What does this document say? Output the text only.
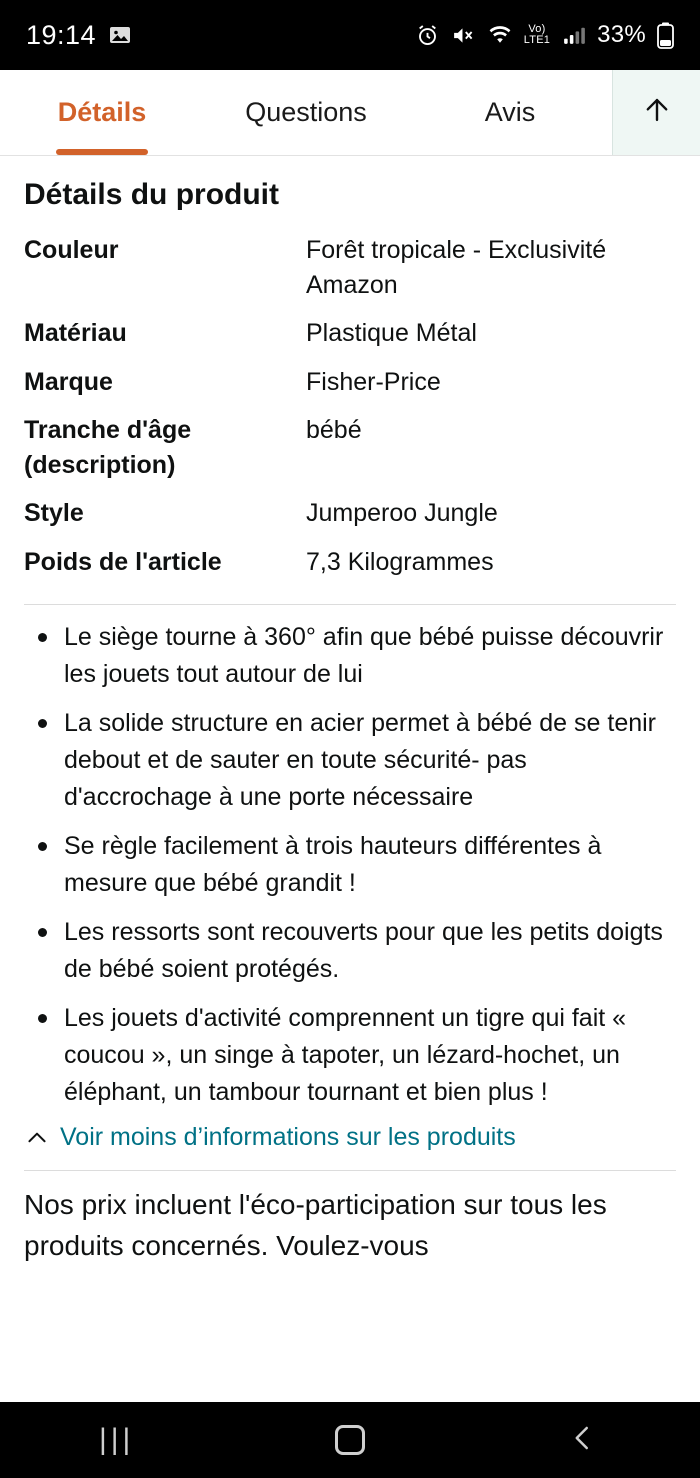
19:14	Vo)
LTE1 33%
Détails	Questions	Avis
Détails du produit
Couleur	Forêt tropicale - Exclusivité Amazon
Matériau	Plastique Métal
Marque	Fisher-Price
Tranche d'âge (description)	bébé
Style	Jumperoo Jungle
Poids de l'article	7,3 Kilogrammes
Le siège tourne à 360° afin que bébé puisse découvrir les jouets tout autour de lui
La solide structure en acier permet à bébé de se tenir debout et de sauter en toute sécurité- pas d'accrochage à une porte nécessaire
Se règle facilement à trois hauteurs différentes à mesure que bébé grandit !
Les ressorts sont recouverts pour que les petits doigts de bébé soient protégés.
Les jouets d'activité comprennent un tigre qui fait « coucou », un singe à tapoter, un lézard-hochet, un éléphant, un tambour tournant et bien plus !
Voir moins d’informations sur les produits
Nos prix incluent l'éco-participation sur tous les produits concernés. Voulez-vous
|||
